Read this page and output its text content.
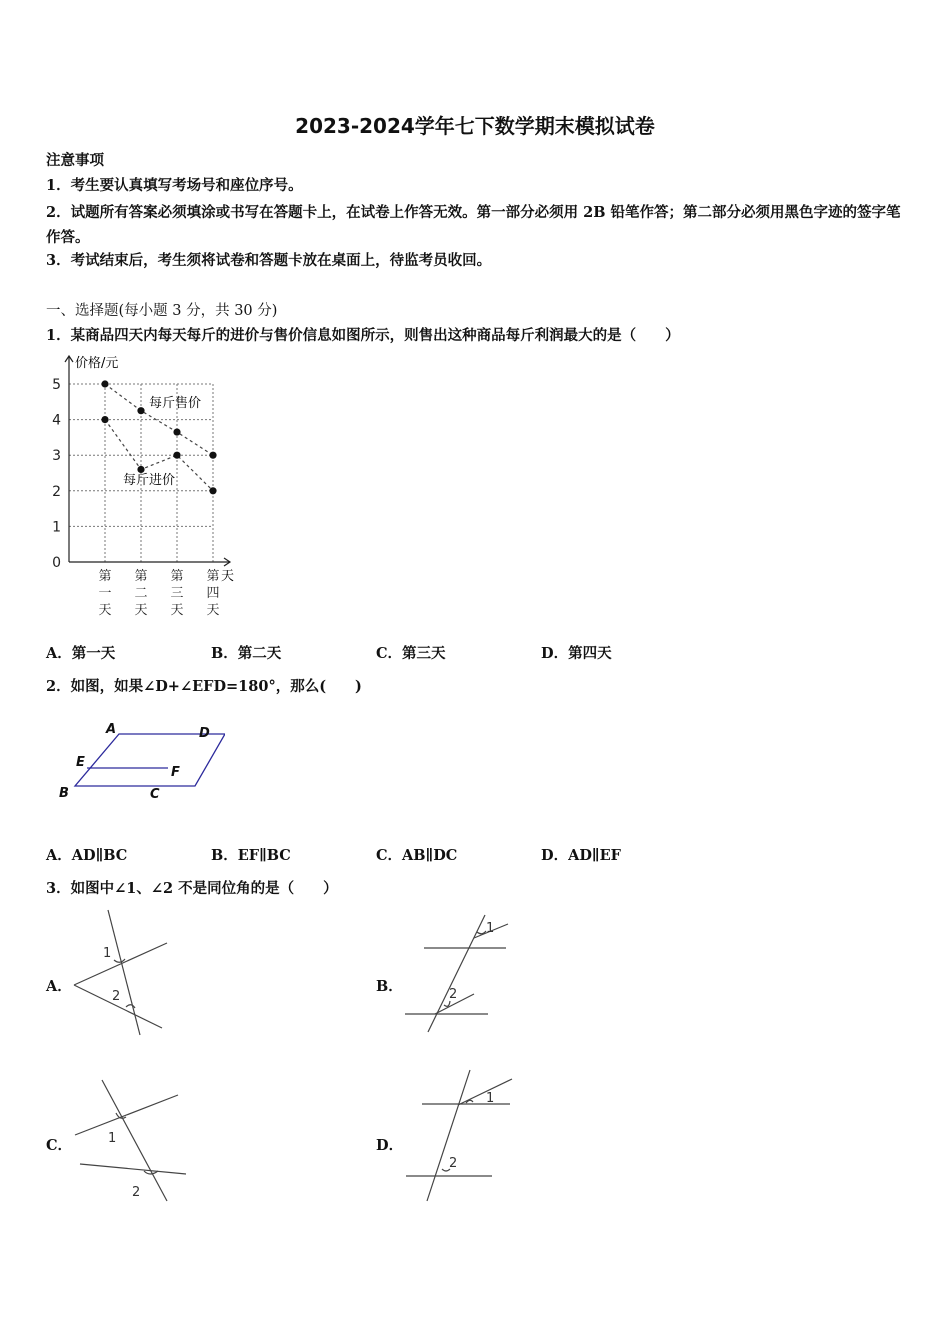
2023-2024学年七下数学期末模拟试卷
注意事项
1．考生要认真填写考场号和座位序号。
2．试题所有答案必须填涂或书写在答题卡上，在试卷上作答无效。第一部分必须用 2B 铅笔作答；第二部分必须用黑色字迹的签字笔作答。
3．考试结束后，考生须将试卷和答题卡放在桌面上，待监考员收回。
一、选择题(每小题 3 分，共 30 分)
1．某商品四天内每天每斤的进价与售价信息如图所示，则售出这种商品每斤利润最大的是（　　）
0
1
2
3
4
5
第
一
天
第
二
天
第
三
天
第
四
天
价格/元
天
每斤售价
每斤进价
A．第一天	B．第二天	C．第三天	D．第四天
2．如图，如果∠D+∠EFD=180°，那么(　　)
A	D
E
F
B	C
A．AD∥BC	B．EF∥BC	C．AB∥DC	D．AD∥EF
3．如图中∠1、∠2 不是同位角的是（　　）
A．
1
2
B．
1
2
C．	1
2
D．
1
2
